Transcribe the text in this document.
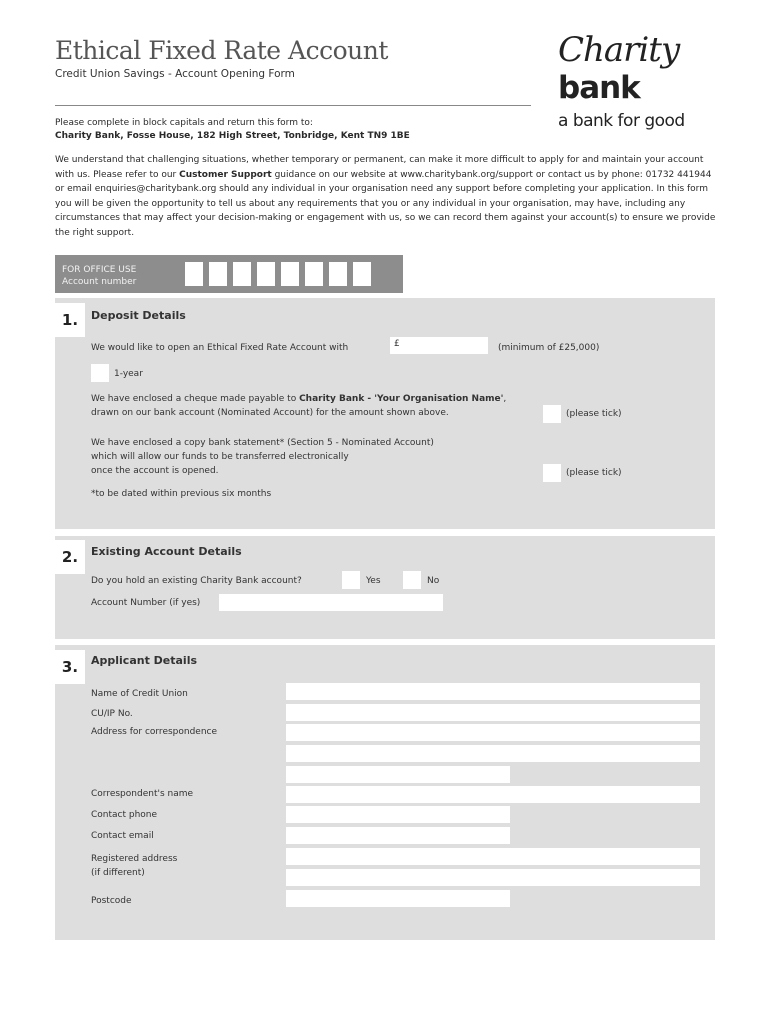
Ethical Fixed Rate Account
Credit Union Savings - Account Opening Form
Please complete in block capitals and return this form to:
Charity Bank, Fosse House, 182 High Street, Tonbridge, Kent TN9 1BE
Charity
bank
a bank for good
We understand that challenging situations, whether temporary or permanent, can make it more difficult to apply for and maintain your account with us. Please refer to our Customer Support guidance on our website at www.charitybank.org/support or contact us by phone: 01732 441944 or email enquiries@charitybank.org should any individual in your organisation need any support before completing your application. In this form you will be given the opportunity to tell us about any requirements that you or any individual in your organisation, may have, including any circumstances that may affect your decision-making or engagement with us, so we can record them against your account(s) to ensure we provide the right support.
FOR OFFICE USE
Account number
1.	Deposit Details
We would like to open an Ethical Fixed Rate Account with	£	(minimum of £25,000)
1-year
We have enclosed a cheque made payable to Charity Bank - 'Your Organisation Name',
drawn on our bank account (Nominated Account) for the amount shown above.	(please tick)
We have enclosed a copy bank statement* (Section 5 - Nominated Account)
which will allow our funds to be transferred electronically
once the account is opened.	(please tick)
*to be dated within previous six months
2.	Existing Account Details
Do you hold an existing Charity Bank account?	Yes	No
Account Number (if yes)
3.	Applicant Details
Name of Credit Union
CU/IP No.
Address for correspondence
Correspondent's name
Contact phone
Contact email
Registered address
(if different)
Postcode
